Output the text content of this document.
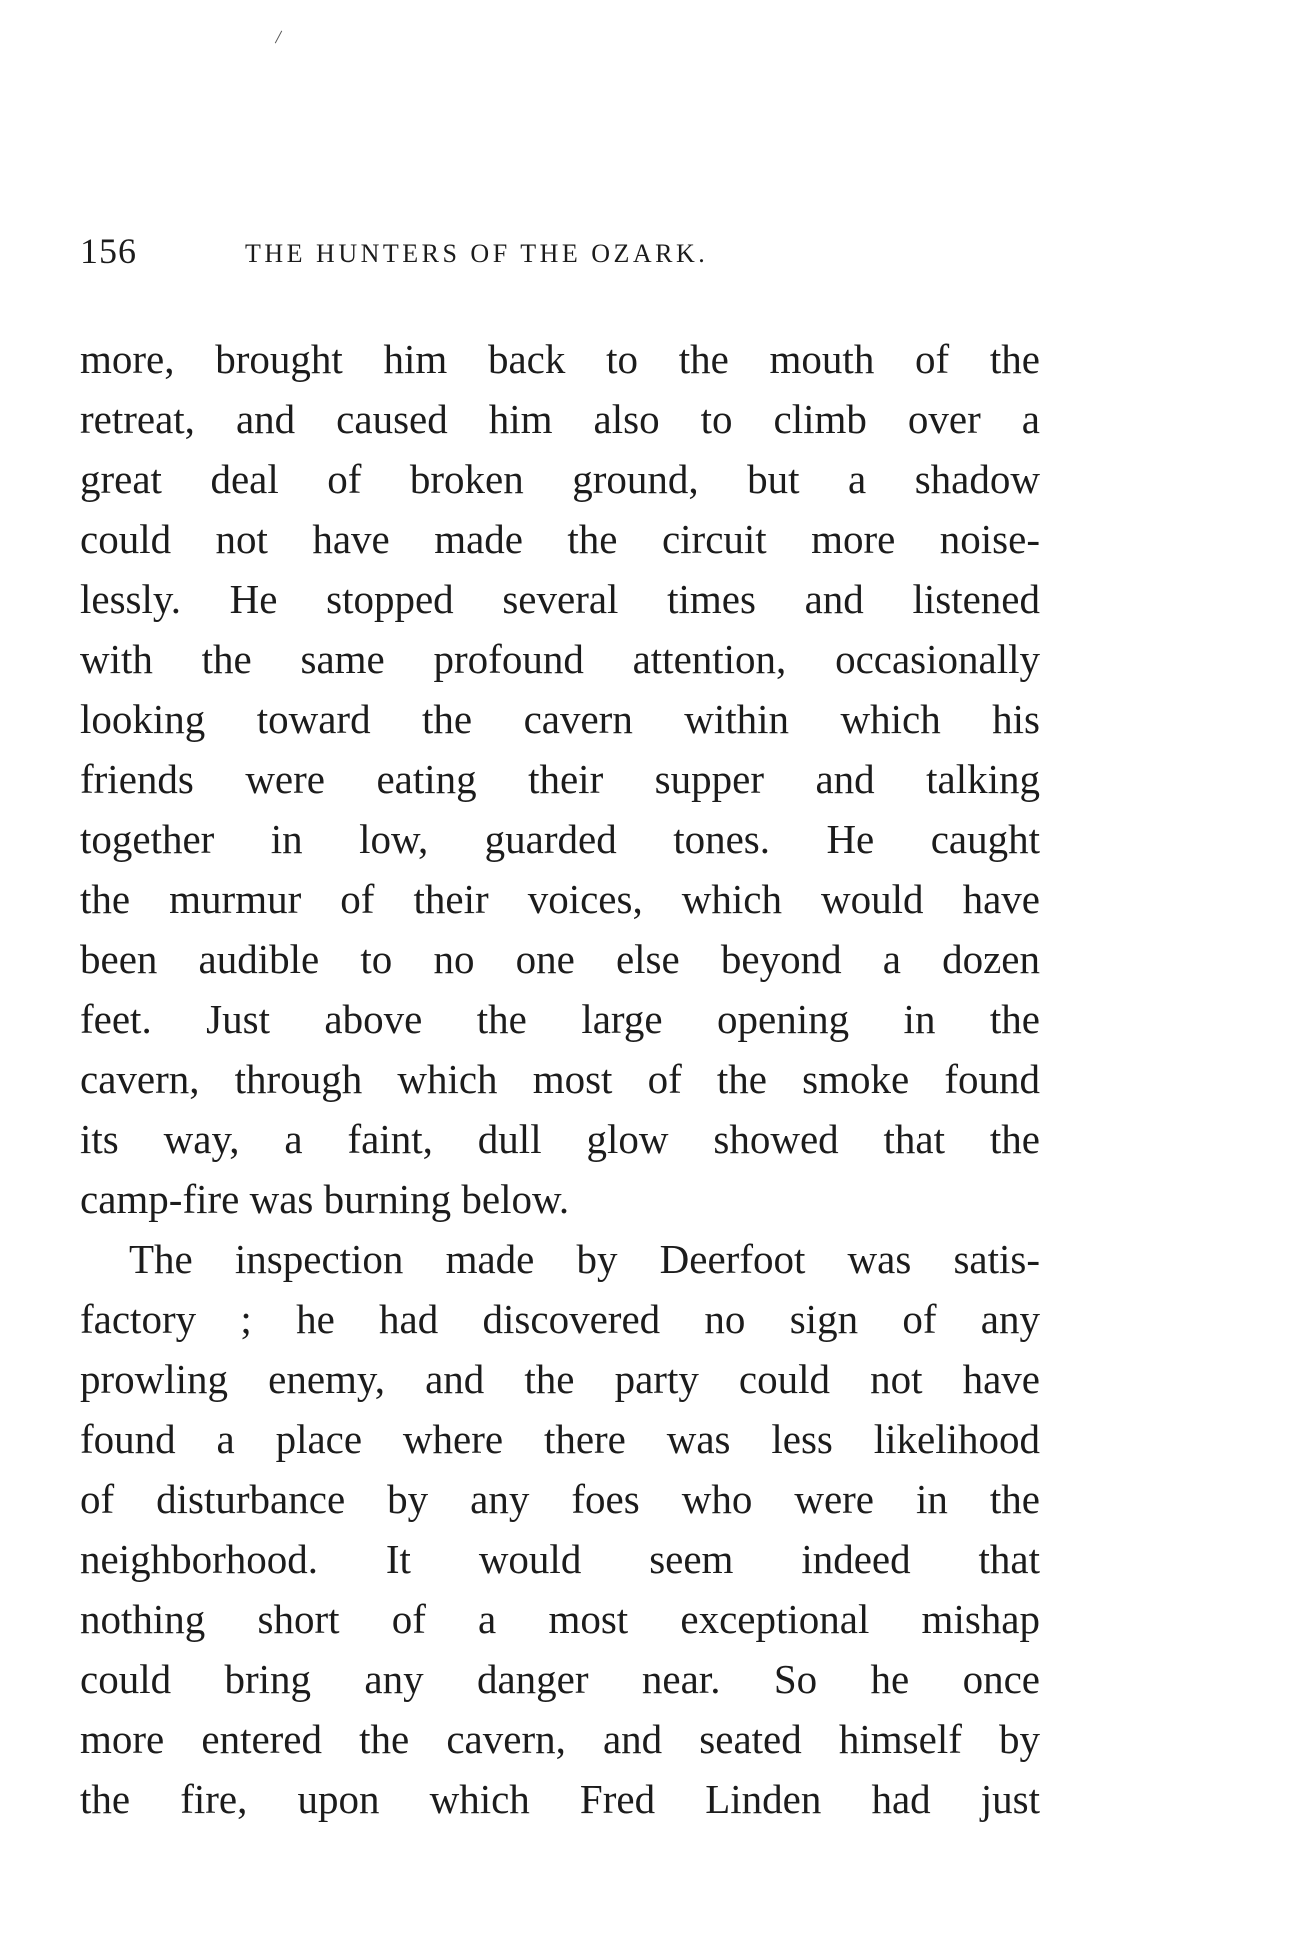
156	THE HUNTERS OF THE OZARK.
more, brought him back to the mouth of the
retreat, and caused him also to climb over a
great deal of broken ground, but a shadow
could not have made the circuit more noise-
lessly. He stopped several times and listened
with the same profound attention, occasionally
looking toward the cavern within which his
friends were eating their supper and talking
together in low, guarded tones. He caught
the murmur of their voices, which would have
been audible to no one else beyond a dozen
feet. Just above the large opening in the
cavern, through which most of the smoke found
its way, a faint, dull glow showed that the
camp-fire was burning below.
The inspection made by Deerfoot was satis-
factory ; he had discovered no sign of any
prowling enemy, and the party could not have
found a place where there was less likelihood
of disturbance by any foes who were in the
neighborhood. It would seem indeed that
nothing short of a most exceptional mishap
could bring any danger near. So he once
more entered the cavern, and seated himself by
the fire, upon which Fred Linden had just
